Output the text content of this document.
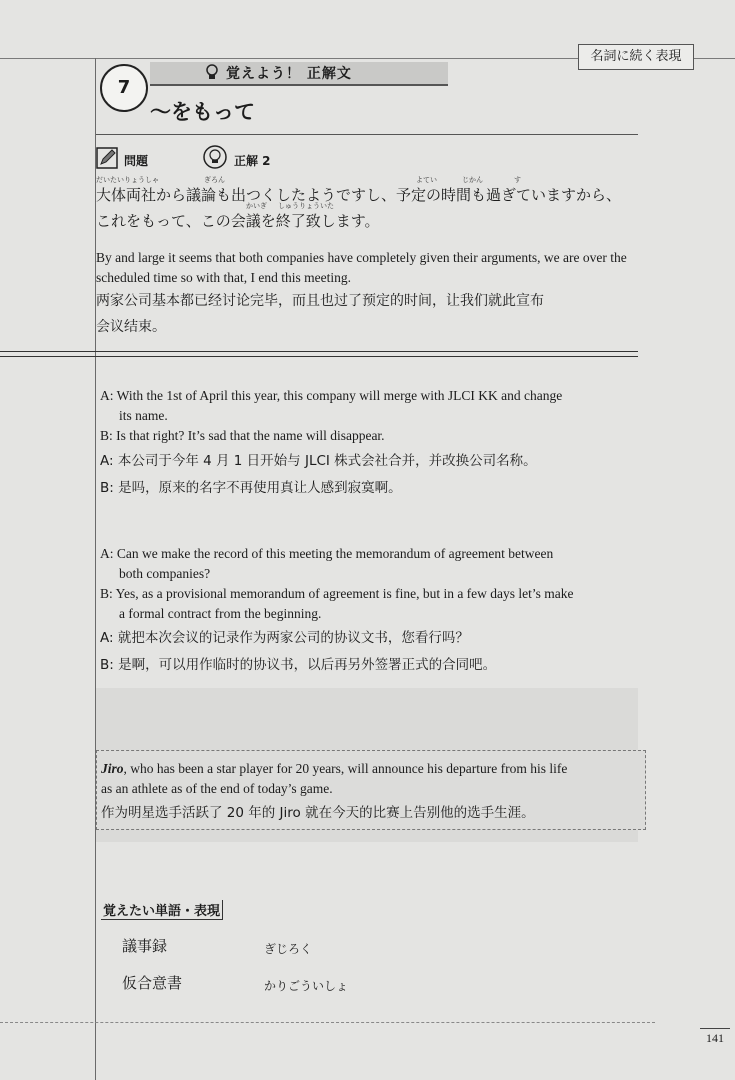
名詞に続く表現
7
覚えよう！ 正解文
〜をもって
問題	正解 2
だいたいりょうしゃ	ぎろん	よてい	じかん	す
大体両社から議論も出つくしたようですし、予定の時間も過ぎていますから、
かいぎ しゅうりょういた
これをもって、この会議を終了致します。
By and large it seems that both companies have completely given their arguments, we are over the scheduled time so with that, I end this meeting.
两家公司基本都已经讨论完毕，而且也过了预定的时间，让我们就此宣布
会议结束。
A: With the 1st of April this year, this company will merge with JLCI KK and change
its name.
B: Is that right? It’s sad that the name will disappear.
A: 本公司于今年 4 月 1 日开始与 JLCI 株式会社合并，并改换公司名称。
B: 是吗，原来的名字不再使用真让人感到寂寞啊。
A: Can we make the record of this meeting the memorandum of agreement between
both companies?
B: Yes, as a provisional memorandum of agreement is fine, but in a few days let’s make
a formal contract from the beginning.
A: 就把本次会议的记录作为两家公司的协议文书，您看行吗？
B: 是啊，可以用作临时的协议书，以后再另外签署正式的合同吧。

Jiro, who has been a star player for 20 years, will announce his departure from his life

as an athlete as of the end of today’s game.

作为明星选手活跃了 20 年的 Jiro 就在今天的比赛上告别他的选手生涯。

覚えたい単語・表現
議事録	ぎじろく
仮合意書	かりごういしょ
141
